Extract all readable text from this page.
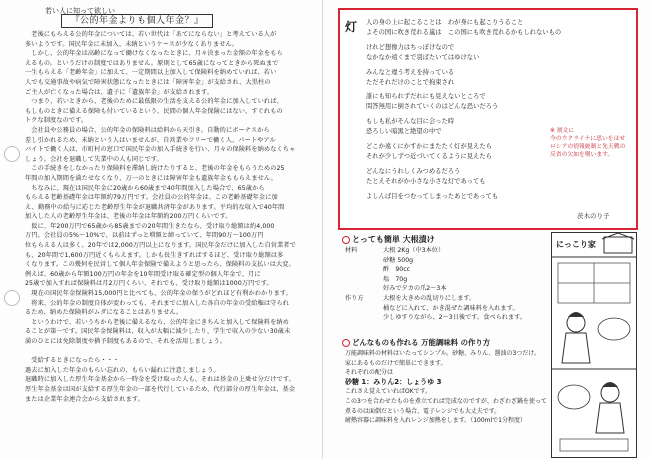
若い人に知って欲しい
『公的年金よりも個人年金？』
　老後にもらえる公的年金については、若い世代は「あてにならない」と考えている人が
多いようです。国民年金に未加入、未納というケースが少なくありません。
　しかし、公的年金は高齢になって働けなくなったときに、月々決まった金額の年金をもら
えるもの。というだけの制度ではありません。原則として65歳になってときから死ぬまで
一生もらえる「老齢年金」に加えて、一定期間以上加入して保険料を納めていれば、若い
人でも交通事故や病気で障害状態になったときには「障害年金」が支給され、大黒柱の
ご主人が亡くなった場合は、遺子に「遺族年金」が支給されます。
　つまり、若いときから、老後のために最低限の生活を支える公的年金に加入していれば、
もしものときに備える保障も付いているという、民間の個人年金保険にはない、すぐれもの
トクな制度なのです。
　会社員や公務員の場合、公的年金の保険料は給料から天引き。自動的にボーナスから
差し引かれるため、未納という人はいませんが、自営業やフリーで働く人、パートやアル
バイトで働く人は、市町村の窓口で国民年金の加入手続きを行い、月々の保険料を納めなくちゃ
しょう。会社を退職して失業中の人も同じです。
　この手続きをしなかったり保険料を滞納し続けたりすると、老後の年金をもらうための25
年間の加入期間を満たせなくなり、万一のときには障害年金も遺族年金ももらえません。
　ちなみに、現在は国民年金に20歳から60歳まで40年間加入した場合で、65歳から
もらえる老齢基礎年金は年額約79万円です。会社員の公的年金は、この老齢基礎年金に加
え、勤務中の給与に応じた老齢厚生年金が退職共済年金があります。平均的な収入で40年間
加入した人の老齢厚生年金は、老後の年金は年額約200万円くらいです。
　仮に、年200万円で65歳から85歳までの20年間生きたなら、受け取り総額は約4,000
万円。会社員の5%～10%で、以前はずっと増額と締っていて、年間90万～100万円
位もらえる人は多く、20年では2,000万円以上になります。国民年金だけに加入した自営業者で
も、20年間で1,600万円近くもらえます。しかも長生きすればするほど、受け取り総額は多
くなります。この幾何を民営して個人年金保険で備えようと思ったら、保険料の支払いは大変。
例えば、60歳から年額100万円の年金を10年間受け取る確定型の個人年金で、月に
25歳で加入すれば保険料は月2万円くらい、それでも、受け取り総額は1000万円です。
　現在の国民年金保険料15,000円と比べても、公的年金の保うがどれほど有利かわかります。
　将来、公的年金の制度自体が変わっても、それまでに加入した各自の年金の受給権は守られ
るため、納めた保険料がムダになることはありません。
　というわけで、若いうちから老後に備えるなら、公的年金にきちんと加入して保険料を納め
ることが第一です。国民年金保険料は、収入が大幅に減少したり、学生で収入の少ない30歳未
満のひとには免除制度や猶予制度もあるので、それを活用しましょう。
　受給するときになったら・・・
過去に加入した年金のもらい忘れの、もらい漏れに注意しましょう。
退職時に加入した厚生年金基金から一時金を受け取った人も、それは基金の上乗せ分だけです。
厚生年金基金は国が支給する厚生年金の一部を代行しているため、代行部分の厚生年金は、基金
または企業年金連合会から支給されます。
灯 人の身の上に起こることは　わが身にも起こりうること
よその国に吹き荒れる嵐は　この国にも吹き荒れるかもしれないもの
けれど想像力はちっぽけなので
なかなか遠くまで羽ばたいてはゆけない
みんなと違う考えを持っている
ただそれだけのことで拘束され
誰にも知られずだれにも見えないところで
問答無用に倒されていくのはどんな恐いだろう
もしも私がそんな目に会った時
恐ろしい暗黒と絶望の中で
どこか遠くにかすかにまたたく灯が見えたら
それが少しずつ近づいてくるように見えたら
どんなにうれしくみつめるだろう
たとえそれがか小さな小さな灯であっても
よしんば目をつむってしまったあとであっても
※ 割文に
今のウクライナに思いをはせ
ロシアの情報統制と先天戦の
反省の欠如を嘆います。
茨木のり子
とっても簡単 大根漬け
材料	大根 2Kg（中3本位）
砂糖 500g
酢　90cc
塩　70g
好みで夕カの爪2～3本
作り方	大根を大きめの乱切りにします。
桶などに入れて、かき混ぜた調味料を入れます。
少しゆすりながら、2～3日後です。食べられます。
にっこり家
どんなものも作れる 万能調味料 の作り方
万能調味料の材料はいたってシンプル。砂糖、みりん、醤油の3つだけ。
家にあるものだけで簡単にできます。
それぞれの配分は
砂糖 1：みりん2：しょうゆ 3
これさえ覚えていればOKです。
この3つを合わせたものを煮立てれば完成なのですが、わざわざ鍋を使って
煮るのは面倒だという場合、電子レンジでも大丈夫です。
耐熱容器に調味料を入れレンジ加熱をします。（100mlで1分程度）
